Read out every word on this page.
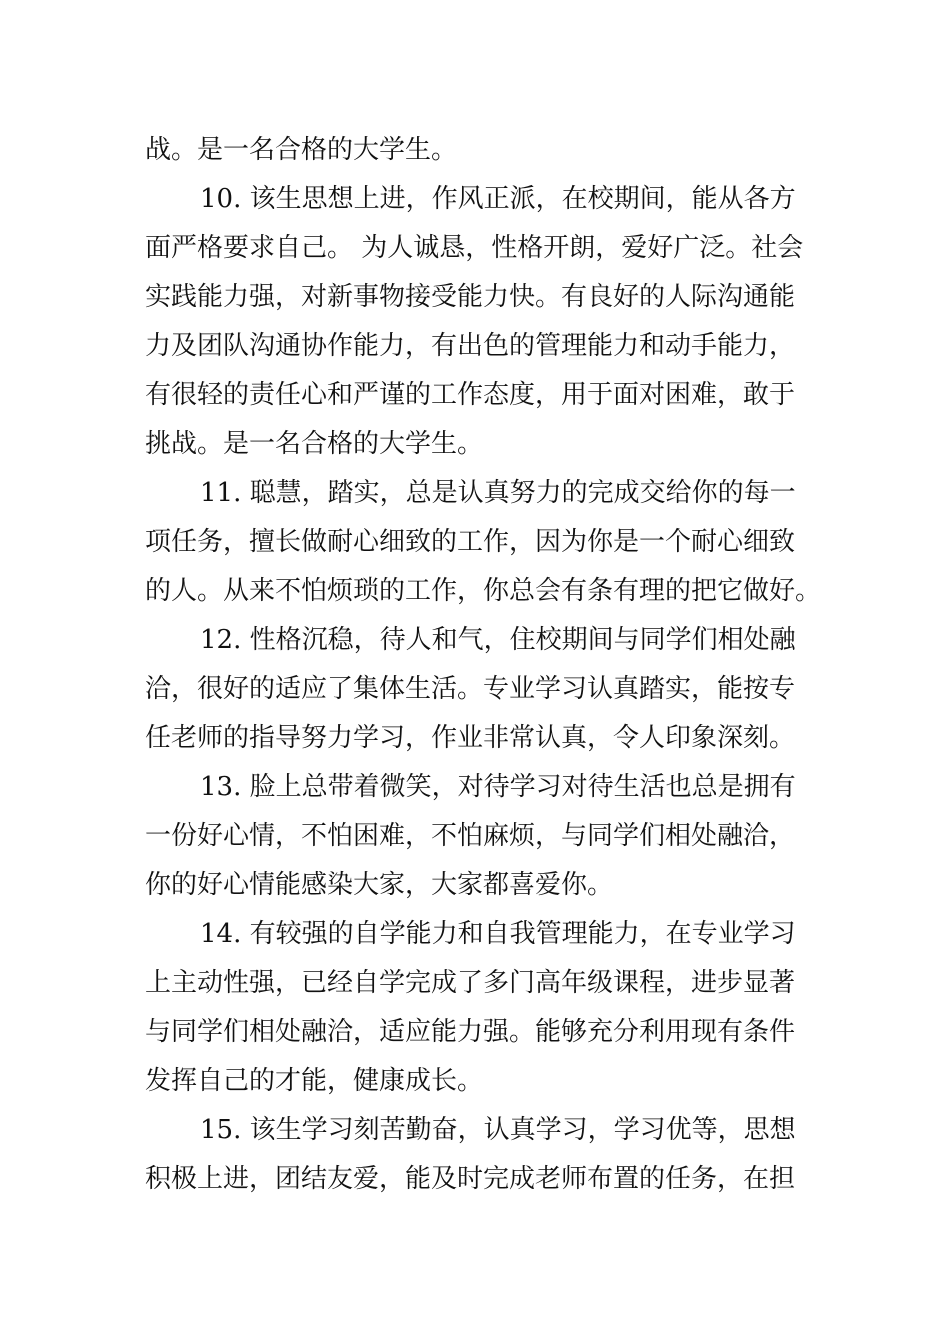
战。是一名合格的大学生。
10. 该生思想上进，作风正派，在校期间，能从各方
面严格要求自己。 为人诚恳，性格开朗，爱好广泛。社会
实践能力强，对新事物接受能力快。有良好的人际沟通能
力及团队沟通协作能力，有出色的管理能力和动手能力，
有很轻的责任心和严谨的工作态度，用于面对困难，敢于
挑战。是一名合格的大学生。
11. 聪慧，踏实，总是认真努力的完成交给你的每一
项任务，擅长做耐心细致的工作，因为你是一个耐心细致
的人。从来不怕烦琐的工作，你总会有条有理的把它做好。
12. 性格沉稳，待人和气，住校期间与同学们相处融
洽，很好的适应了集体生活。专业学习认真踏实，能按专
任老师的指导努力学习，作业非常认真，令人印象深刻。
13. 脸上总带着微笑，对待学习对待生活也总是拥有
一份好心情，不怕困难，不怕麻烦，与同学们相处融洽，
你的好心情能感染大家，大家都喜爱你。
14. 有较强的自学能力和自我管理能力，在专业学习
上主动性强，已经自学完成了多门高年级课程，进步显著
与同学们相处融洽，适应能力强。能够充分利用现有条件
发挥自己的才能，健康成长。
15. 该生学习刻苦勤奋，认真学习，学习优等，思想
积极上进，团结友爱，能及时完成老师布置的任务，在担
